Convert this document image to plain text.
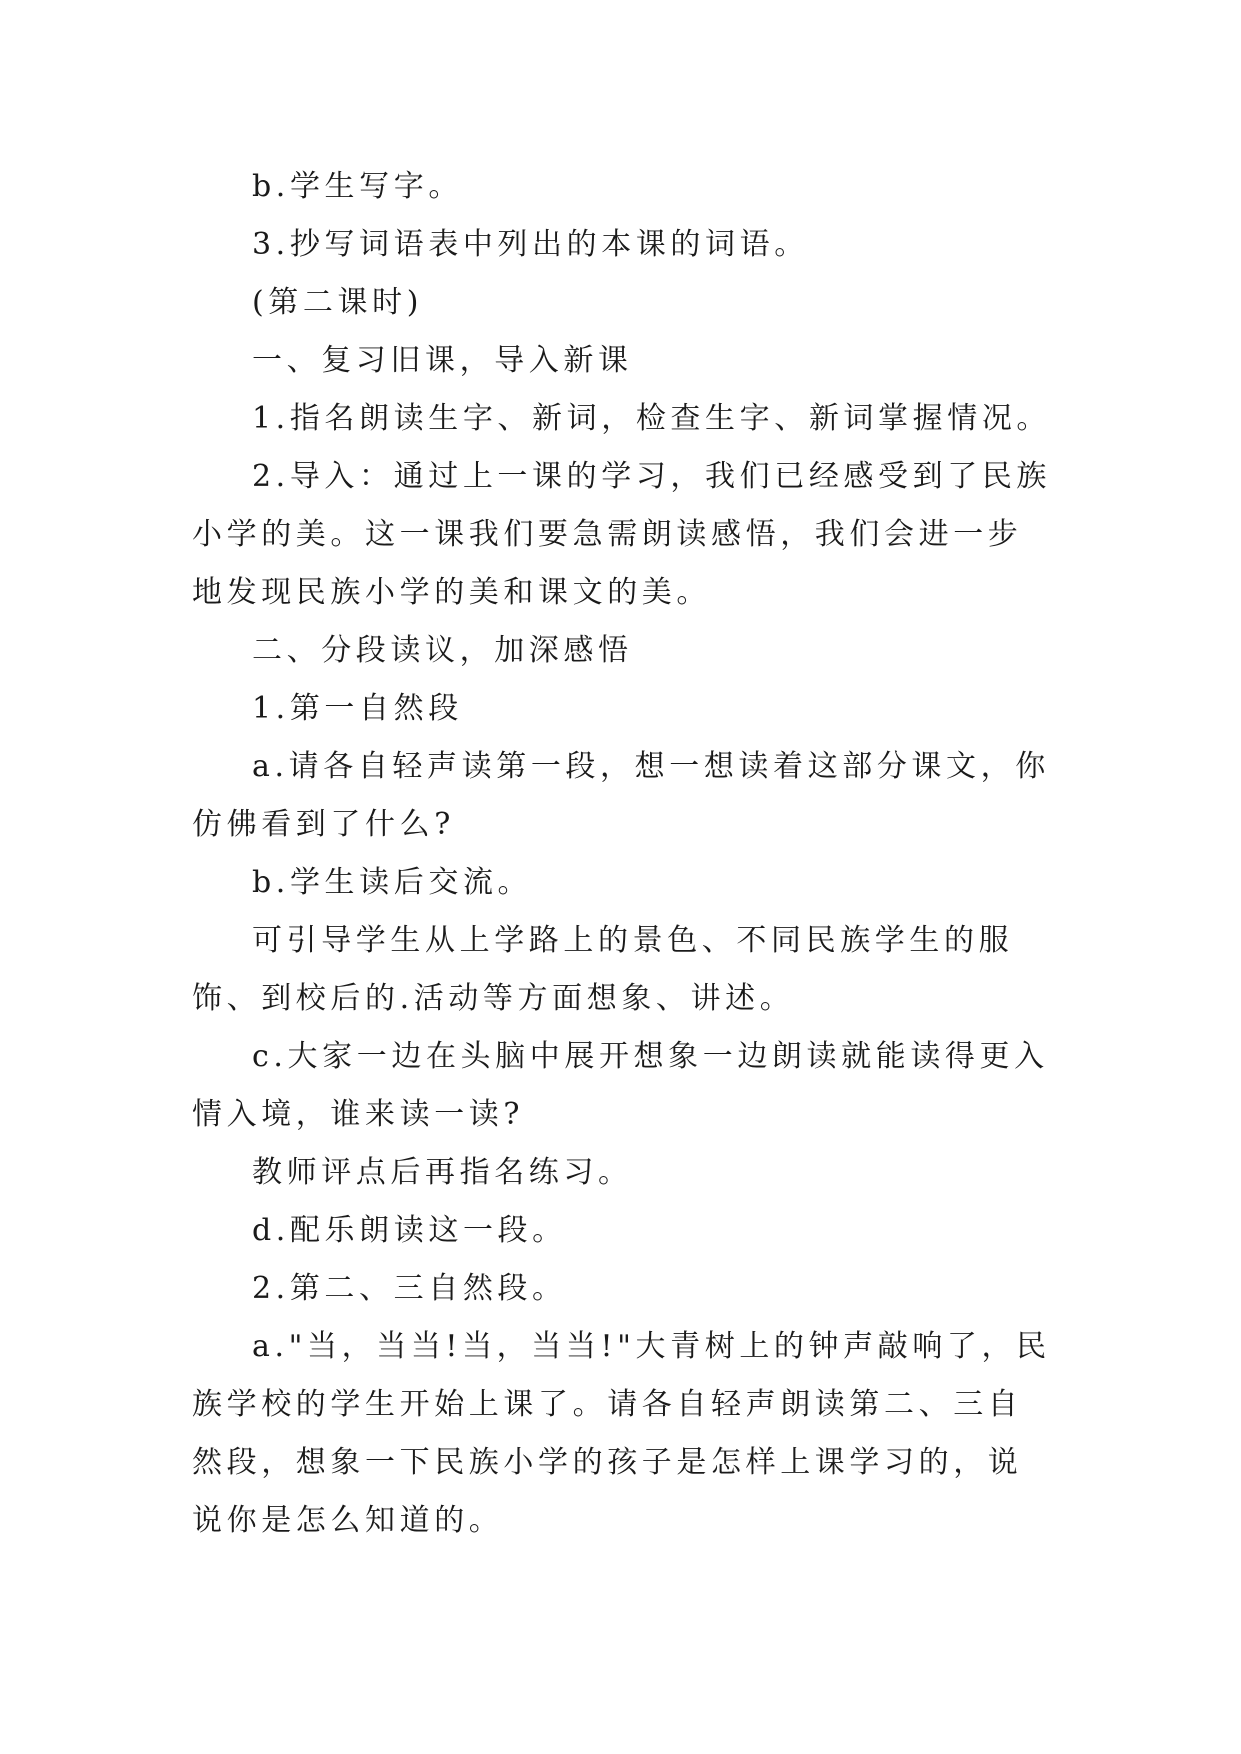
b.学生写字。

3.抄写词语表中列出的本课的词语。

(第二课时)

一、复习旧课，导入新课

1.指名朗读生字、新词，检查生字、新词掌握情况。

2.导入：通过上一课的学习，我们已经感受到了民族小学的美。这一课我们要急需朗读感悟，我们会进一步地发现民族小学的美和课文的美。

二、分段读议，加深感悟

1.第一自然段

a.请各自轻声读第一段，想一想读着这部分课文，你仿佛看到了什么?

b.学生读后交流。

可引导学生从上学路上的景色、不同民族学生的服饰、到校后的.活动等方面想象、讲述。

c.大家一边在头脑中展开想象一边朗读就能读得更入情入境，谁来读一读?

教师评点后再指名练习。

d.配乐朗读这一段。

2.第二、三自然段。

a."当，当当!当，当当!"大青树上的钟声敲响了，民族学校的学生开始上课了。请各自轻声朗读第二、三自然段，想象一下民族小学的孩子是怎样上课学习的，说说你是怎么知道的。
